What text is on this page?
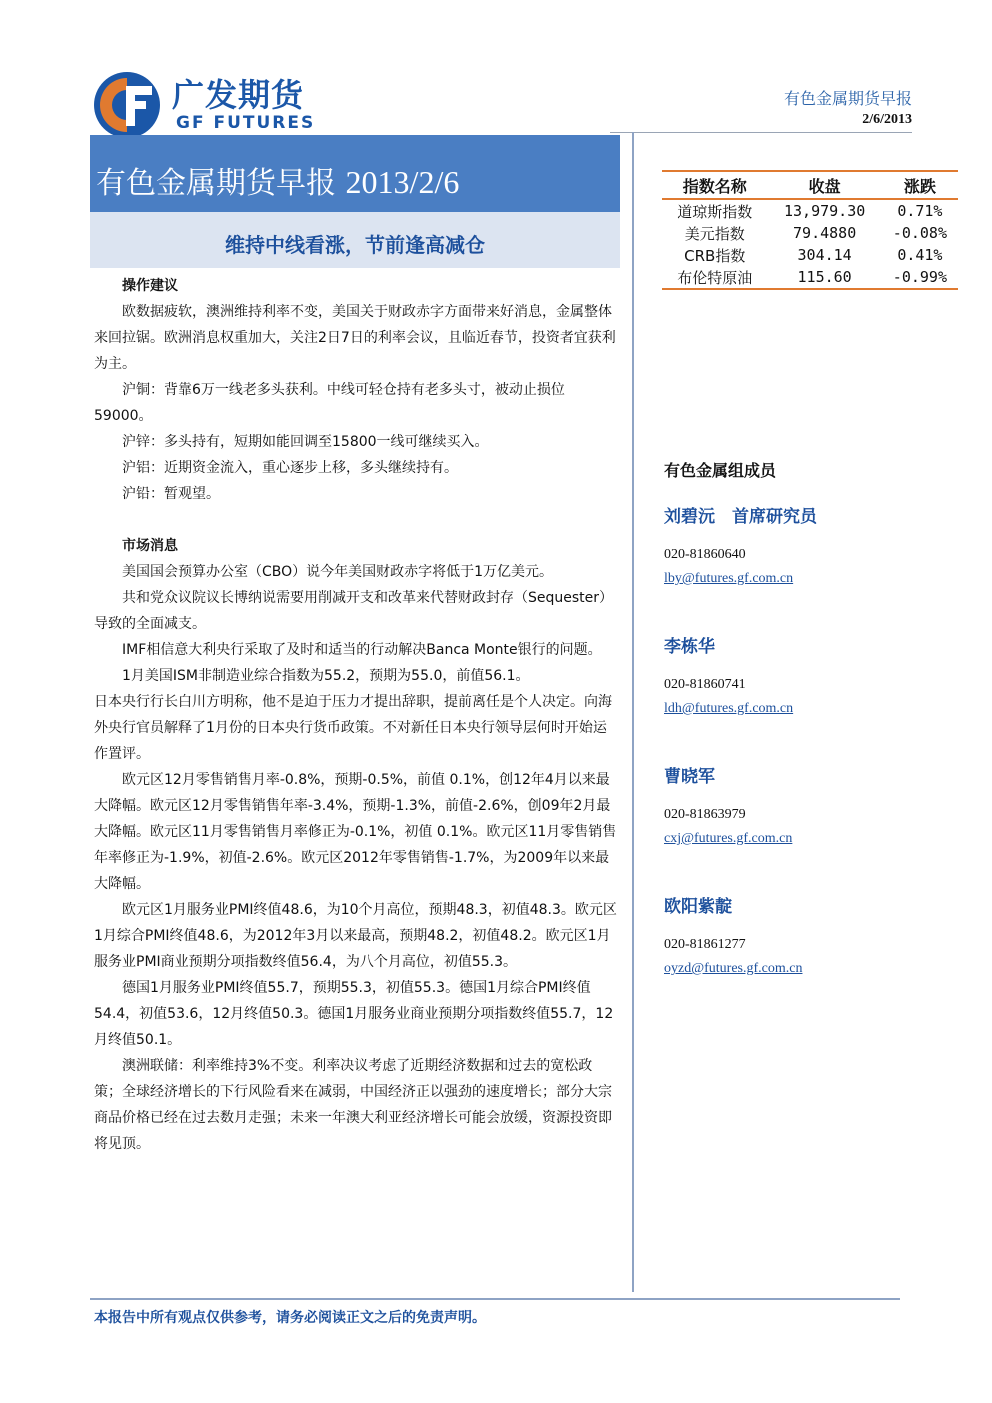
广发期货
GF FUTURES
有色金属期货早报
2/6/2013
有色金属期货早报 2013/2/6
维持中线看涨，节前逢高减仓
指数名称	收盘	涨跌
道琼斯指数	13,979.30	0.71%
美元指数	79.4880	-0.08%
CRB指数	304.14	0.41%
布伦特原油	115.60	-0.99%
操作建议

欧数据疲软，澳洲维持利率不变，美国关于财政赤字方面带来好消息，金属整体来回拉锯。欧洲消息权重加大，关注2日7日的利率会议，且临近春节，投资者宜获利为主。

沪铜：背靠6万一线老多头获利。中线可轻仓持有老多头寸，被动止损位59000。

沪锌：多头持有，短期如能回调至15800一线可继续买入。

沪铝：近期资金流入，重心逐步上移，多头继续持有。

沪铅：暂观望。

市场消息

美国国会预算办公室（CBO）说今年美国财政赤字将低于1万亿美元。

共和党众议院议长博纳说需要用削减开支和改革来代替财政封存（Sequester）导致的全面减支。

IMF相信意大利央行采取了及时和适当的行动解决Banca Monte银行的问题。

1月美国ISM非制造业综合指数为55.2，预期为55.0，前值56.1。

日本央行行长白川方明称，他不是迫于压力才提出辞职，提前离任是个人决定。向海外央行官员解释了1月份的日本央行货币政策。不对新任日本央行领导层何时开始运作置评。

欧元区12月零售销售月率-0.8%，预期-0.5%，前值 0.1%，创12年4月以来最大降幅。欧元区12月零售销售年率-3.4%，预期-1.3%，前值-2.6%，创09年2月最大降幅。欧元区11月零售销售月率修正为-0.1%，初值 0.1%。欧元区11月零售销售年率修正为-1.9%，初值-2.6%。欧元区2012年零售销售-1.7%，为2009年以来最大降幅。

欧元区1月服务业PMI终值48.6，为10个月高位，预期48.3，初值48.3。欧元区1月综合PMI终值48.6，为2012年3月以来最高，预期48.2，初值48.2。欧元区1月服务业PMI商业预期分项指数终值56.4，为八个月高位，初值55.3。

德国1月服务业PMI终值55.7，预期55.3，初值55.3。德国1月综合PMI终值54.4，初值53.6，12月终值50.3。德国1月服务业商业预期分项指数终值55.7，12月终值50.1。

澳洲联储：利率维持3%不变。利率决议考虑了近期经济数据和过去的宽松政策；全球经济增长的下行风险看来在减弱，中国经济正以强劲的速度增长；部分大宗商品价格已经在过去数月走强；未来一年澳大利亚经济增长可能会放缓，资源投资即将见顶。

有色金属组成员

刘碧沅　首席研究员

020-81860640

lby@futures.gf.com.cn

李栋华

020-81860741

ldh@futures.gf.com.cn

曹晓军

020-81863979

cxj@futures.gf.com.cn

欧阳紫靛

020-81861277

oyzd@futures.gf.com.cn

本报告中所有观点仅供参考，请务必阅读正文之后的免责声明。
